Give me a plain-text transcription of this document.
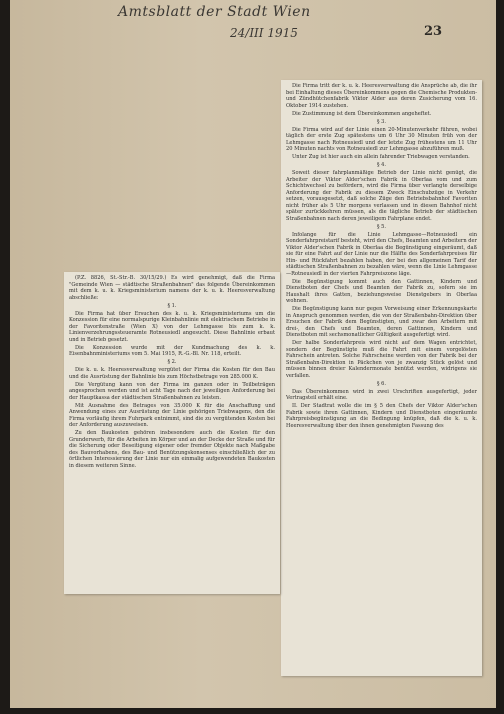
Amtsblatt der Stadt Wien
24/III 1915	23

Die Firma tritt der k. u. k. Heeresverwaltung die Ansprüche ab, die ihr bei Einhaltung dieses Übereinkommens gegen die Chemische Produkten- und Zündhütchenfabrik Viktor Alder aus deren Zusicherung vom 16. Oktober 1914 zustehen.

Die Zustimmung ist dem Übereinkommen angeheftet.

§ 3.

Die Firma wird auf der Linie einen 20-Minutenverkehr führen, wobei täglich der erste Zug spätestens um 6 Uhr 30 Minuten früh von der Lehmgasse nach Rotneusiedl und der letzte Zug frühestens um 11 Uhr 20 Minuten nachts von Rotneusiedl zur Lehmgasse abzuführen muß.

Unter Zug ist hier auch ein allein fahrender Triebwagen verstanden.

§ 4.

Soweit dieser fahrplanmäßige Betrieb der Linie nicht genügt, die Arbeiter der Viktor Alder'schen Fabrik in Oberlaa vom und zum Schichtwechsel zu befördern, wird die Firma über verlangte derselbige Anforderung der Fabrik zu diesem Zweck Einschubzüge in Verkehr setzen, vorausgesetzt, daß solche Züge den Betriebsbahnhof Favoriten nicht früher als 5 Uhr morgens verlassen und in diesen Bahnhof nicht später zurückkehren müssen, als die tägliche Betrieb der städtischen Straßenbahnen nach deren jeweiligem Fahrplane endet.

§ 5.

Infolange für die Linie Lehmgasse—Rotneusiedl ein Sonderfahrpreistarif besteht, wird den Chefs, Beamten und Arbeitern der Viktor Alder'schen Fabrik in Oberlaa die Begünstigung eingeräumt, daß sie für eine Fahrt auf der Linie nur die Hälfte des Sonderfahrpreises für Hin- und Rückfahrt bezahlen haben, der bei den allgemeinen Tarif der städtischen Straßenbahnen zu bezahlen wäre, wenn die Linie Lehmgasse—Rotneusiedl in der vierten Fahrpreiszone läge.

Die Begünstigung kommt auch den Gattinnen, Kindern und Dienstboten der Chefs und Beamten der Fabrik zu, sofern sie im Haushalt ihres Gatten, beziehungsweise Dienstgebers in Oberlaa wohnen.

Die Begünstigung kann nur gegen Vorweisung einer Erkennungskarte in Anspruch genommen werden, die von der Straßenbahn-Direktion über Ersuchen der Fabrik dem Begünstigten, und zwar den Arbeitern mit drei-, den Chefs und Beamten, deren Gattinnen, Kindern und Dienstboten mit sechsmonatlicher Gültigkeit ausgefertigt wird.

Der halbe Sonderfahrpreis wird nicht auf dem Wagen entrichtet, sondern der Begünstigte muß die Fahrt mit einem vorgelösten Fahrschein antreten. Solche Fahrscheine werden von der Fabrik bei der Straßenbahn-Direktion in Päckchen von je zwanzig Stück gelöst und müssen binnen dreier Kalendermonate benützt werden, widrigens sie verfallen.

§ 6.

Das Übereinkommen wird in zwei Urschriften ausgefertigt, jeder Vertragsteil erhält eine.

II. Der Stadtrat wolle die im § 5 den Chefs der Viktor Alder'schen Fabrik sowie ihren Gattinnen, Kindern und Dienstboten eingeräumte Fahrpreisbegünstigung an die Bedingung knüpfen, daß die k. u. k. Heeresverwaltung über den ihnen genehmigten Fassung des

(P.Z. 8826, St.-Str.-B. 30/15/29.) Es wird genehmigt, daß die Firma "Gemeinde Wien — städtische Straßenbahnen" das folgende Übereinkommen mit dem k. u. k. Kriegsministerium namens der k. u. k. Heeresverwaltung abschließe:

§ 1.

Die Firma hat über Ersuchen des k. u. k. Kriegsministeriums um die Konzession für eine normalspurige Kleinbahnlinie mit elektrischem Betriebe in der Favoritenstraße (Wien X) von der Lehmgasse bis zum k. k. Linienverzehrungssteueramte Rotneusiedl angesucht. Diese Bahnlinie erbaut und in Betrieb gesetzt.

Die Konzession wurde mit der Kundmachung des k. k. Eisenbahnministeriums vom 5. Mai 1915, R.-G.-Bl. Nr. 118, erteilt.

§ 2.

Die k. u. k. Heeresverwaltung vergütet der Firma die Kosten für den Bau und die Ausrüstung der Bahnlinie bis zum Höchstbetrage von 285.000 K.

Die Vergütung kann von der Firma im ganzen oder in Teilbeträgen angesprochen werden und ist acht Tage nach der jeweiligen Anforderung bei der Hauptkassa der städtischen Straßenbahnen zu leisten.

Mit Ausnahme des Betrages von 35.000 K für die Anschaffung und Anwendung eines zur Ausrüstung der Linie gehörigen Triebwagens, den die Firma vorläufig ihrem Fuhrpark entnimmt, sind die zu vergütenden Kosten bei der Anforderung auszuweisen.

Zu den Baukosten gehören insbesondere auch die Kosten für den Grunderwerb, für die Arbeiten im Körper und an der Decke der Straße und für die Sicherung oder Beseitigung eigener oder fremder Objekte nach Maßgabe des Bauvorhabens, des Bau- und Benützungskonsenses einschließlich der zu örtlichen Interessierung der Linie nur ein einmalig aufgewendeten Baukosten in diesem weiteren Sinne.
